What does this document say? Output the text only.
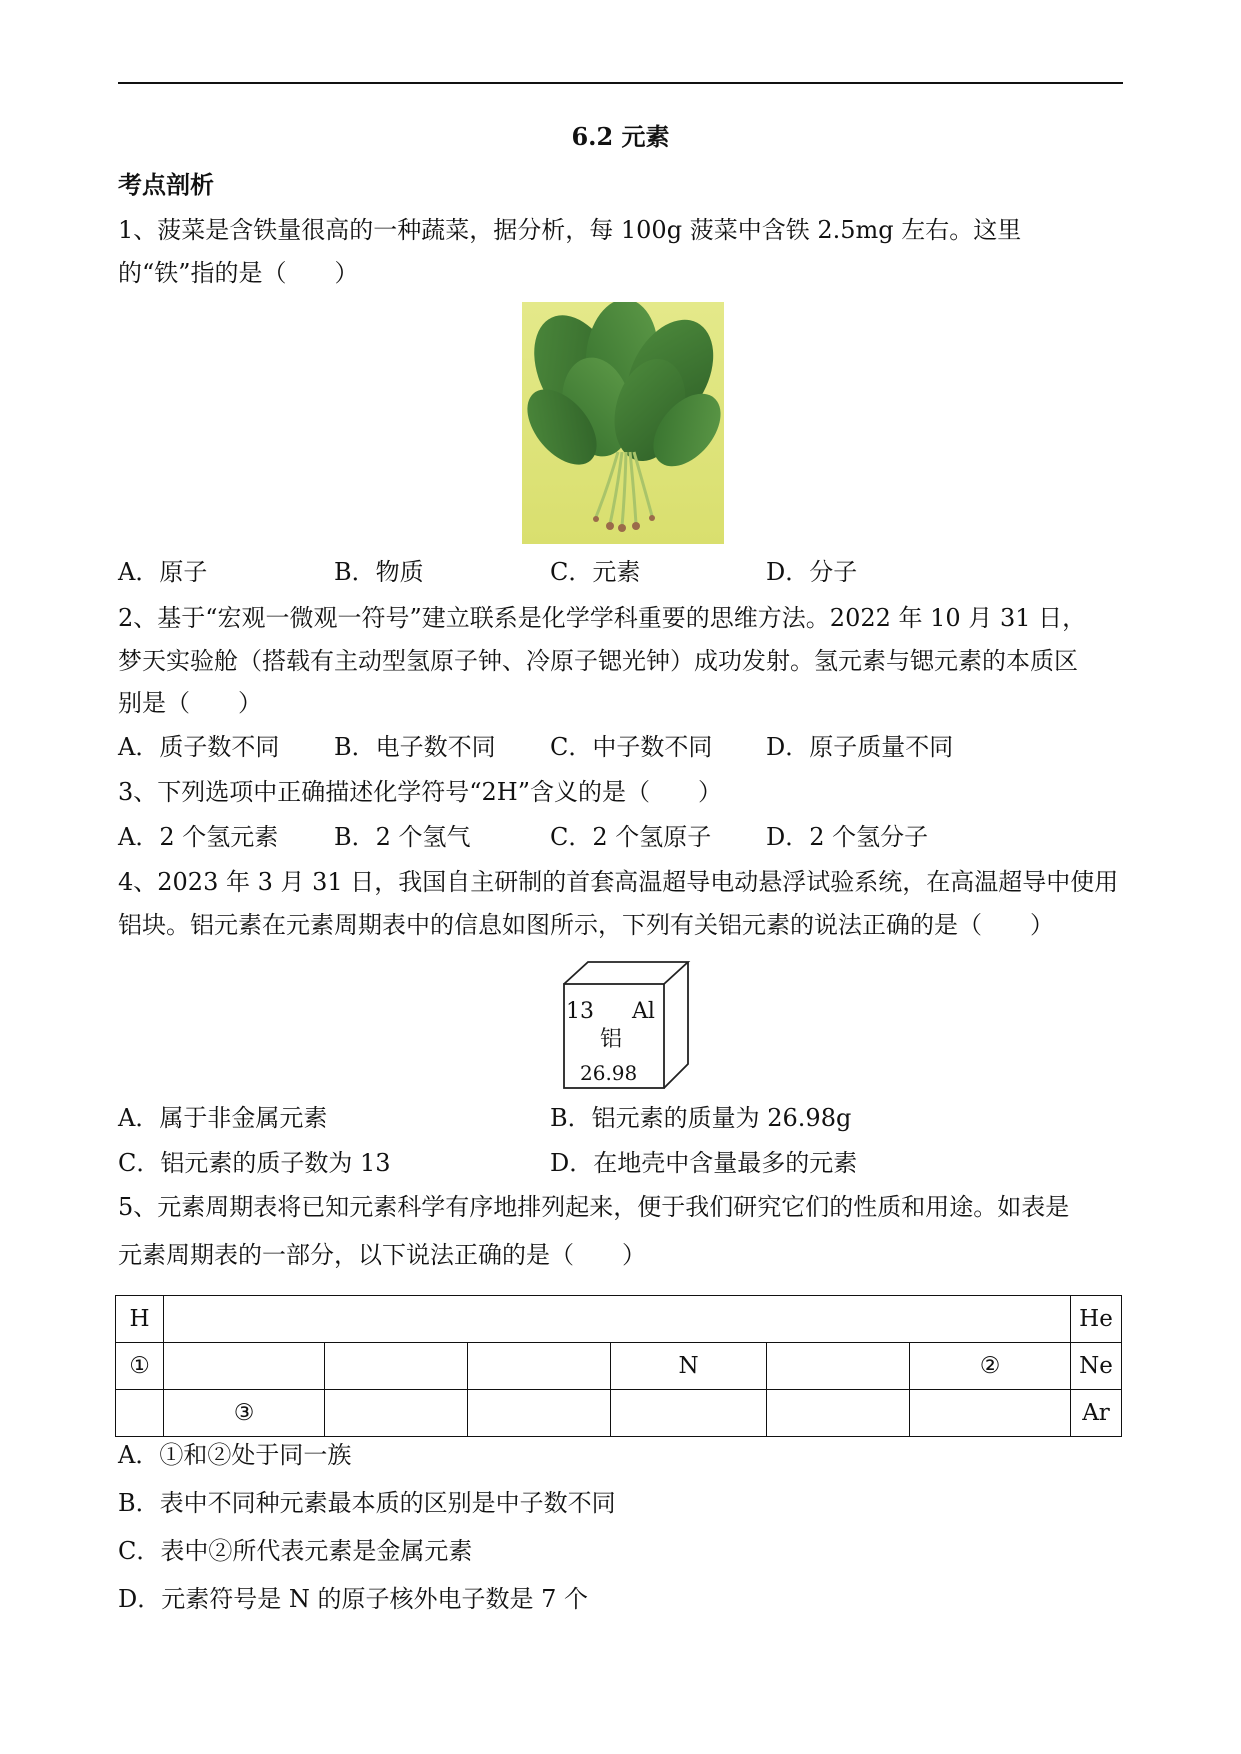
6.2 元素
考点剖析
1、菠菜是含铁量很高的一种蔬菜，据分析，每 100g 菠菜中含铁 2.5mg 左右。这里
的“铁”指的是（　　）
A．原子	B．物质	C．元素	D．分子
2、基于“宏观一微观一符号”建立联系是化学学科重要的思维方法。2022 年 10 月 31 日，
梦天实验舱（搭载有主动型氢原子钟、冷原子锶光钟）成功发射。氢元素与锶元素的本质区
别是（　　）
A．质子数不同 B．电子数不同 C．中子数不同 D．原子质量不同
3、下列选项中正确描述化学符号“2H”含义的是（　　）
A．2 个氢元素 B．2 个氢气	C．2 个氢原子 D．2 个氢分子
4、2023 年 3 月 31 日，我国自主研制的首套高温超导电动悬浮试验系统，在高温超导中使用
铝块。铝元素在元素周期表中的信息如图所示，下列有关铝元素的说法正确的是（　　）
13 Al
铝
26.98
A．属于非金属元素	B．铝元素的质量为 26.98g
C．铝元素的质子数为 13	D．在地壳中含量最多的元素
5、元素周期表将已知元素科学有序地排列起来，便于我们研究它们的性质和用途。如表是
元素周期表的一部分，以下说法正确的是（　　）
H							He
①				N		②	Ne
	③						Ar
A．①和②处于同一族
B．表中不同种元素最本质的区别是中子数不同
C．表中②所代表元素是金属元素
D．元素符号是 N 的原子核外电子数是 7 个
